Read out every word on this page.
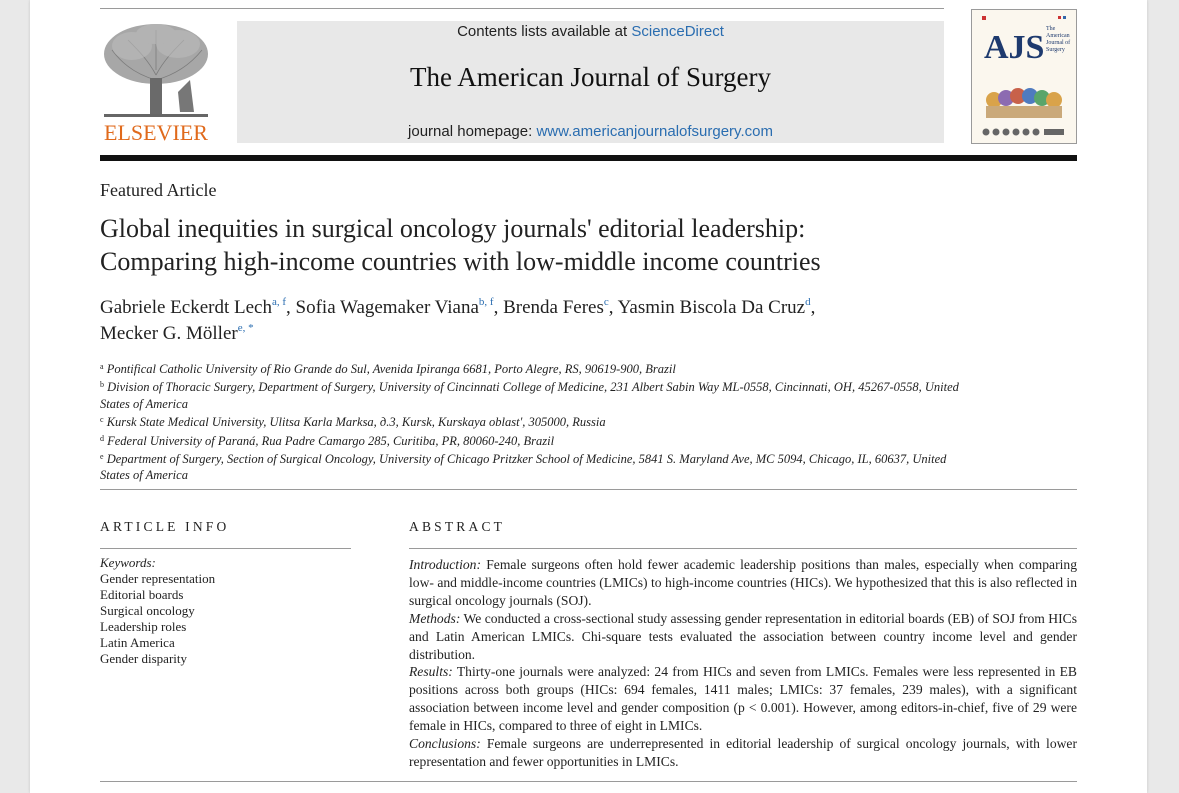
ELSEVIER
Contents lists available at ScienceDirect
The American Journal of Surgery
journal homepage: www.americanjournalofsurgery.com
AJS The
American
Journal of
Surgery
Featured Article
Global inequities in surgical oncology journals' editorial leadership:
Comparing high-income countries with low-middle income countries
Gabriele Eckerdt Lech$^{a, f}$, Sofia Wagemaker Viana$^{b, f}$, Brenda Feres$^c$, Yasmin Biscola Da Cruz$^d$,
Mecker G. Möller$^{e, *}$
$^a$ Pontifical Catholic University of Rio Grande do Sul, Avenida Ipiranga 6681, Porto Alegre, RS, 90619-900, Brazil
$^b$ Division of Thoracic Surgery, Department of Surgery, University of Cincinnati College of Medicine, 231 Albert Sabin Way ML-0558, Cincinnati, OH, 45267-0558, United States of America
$^c$ Kursk State Medical University, Ulitsa Karla Marksa, д.3, Kursk, Kurskaya oblast', 305000, Russia
$^d$ Federal University of Paraná, Rua Padre Camargo 285, Curitiba, PR, 80060-240, Brazil
$^e$ Department of Surgery, Section of Surgical Oncology, University of Chicago Pritzker School of Medicine, 5841 S. Maryland Ave, MC 5094, Chicago, IL, 60637, United States of America
ARTICLE INFO
Keywords:
Gender representation
Editorial boards
Surgical oncology
Leadership roles
Latin America
Gender disparity
ABSTRACT

Introduction: Female surgeons often hold fewer academic leadership positions than males, especially when comparing low- and middle-income countries (LMICs) to high-income countries (HICs). We hypothesized that this is also reflected in surgical oncology journals (SOJ).

Methods: We conducted a cross-sectional study assessing gender representation in editorial boards (EB) of SOJ from HICs and Latin American LMICs. Chi-square tests evaluated the association between country income level and gender distribution.

Results: Thirty-one journals were analyzed: 24 from HICs and seven from LMICs. Females were less represented in EB positions across both groups (HICs: 694 females, 1411 males; LMICs: 37 females, 239 males), with a significant association between income level and gender composition (p < 0.001). However, among editors-in-chief, five of 29 were female in HICs, compared to three of eight in LMICs.

Conclusions: Female surgeons are underrepresented in editorial leadership of surgical oncology journals, with lower representation and fewer opportunities in LMICs.
